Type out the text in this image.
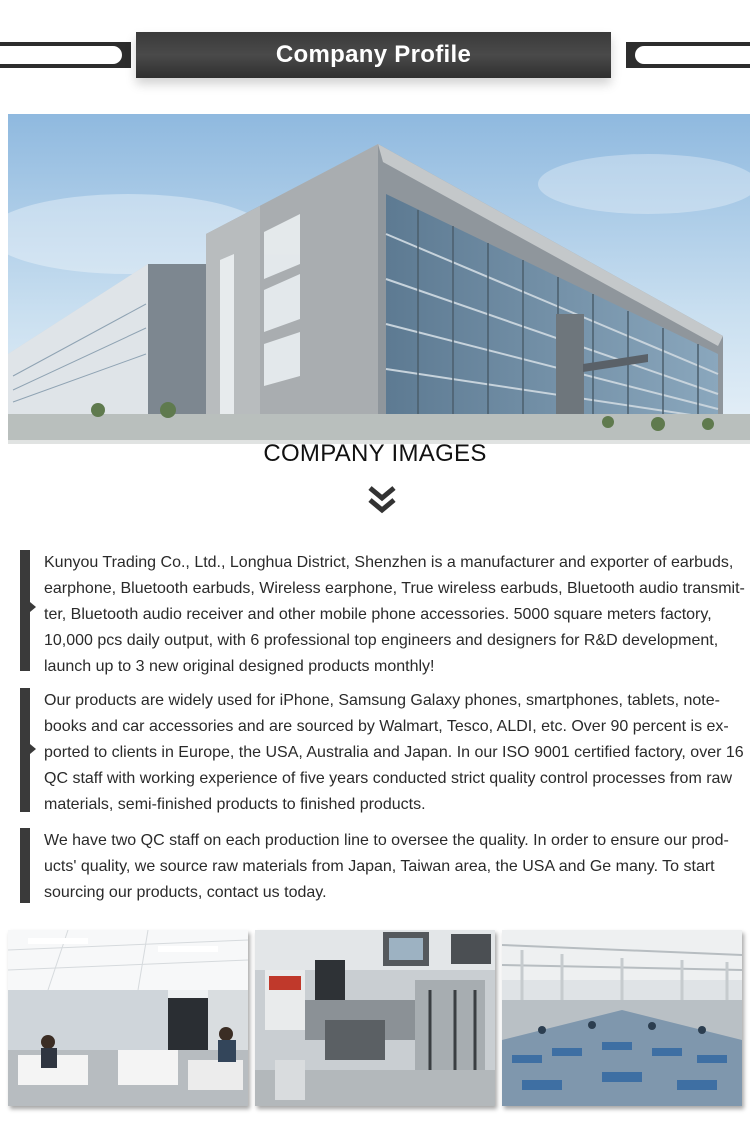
Company Profile
COMPANY IMAGES

Kunyou Trading Co., Ltd., Longhua District, Shenzhen is a manufacturer and exporter of earbuds, earphone, Bluetooth earbuds, Wireless earphone, True wireless earbuds, Bluetooth audio transmit-ter, Bluetooth audio receiver and other mobile phone accessories. 5000 square meters factory, 10,000 pcs daily output, with 6 professional top engineers and designers for R&D development, launch up to 3 new original designed products monthly!

Our products are widely used for iPhone, Samsung Galaxy phones, smartphones, tablets, note-books and car accessories and are sourced by Walmart, Tesco, ALDI, etc. Over 90 percent is ex-ported to clients in Europe, the USA, Australia and Japan. In our ISO 9001 certified factory, over 16 QC staff with working experience of five years conducted strict quality control processes from raw materials, semi-finished products to finished products.

We have two QC staff on each production line to oversee the quality. In order to ensure our prod-ucts' quality, we source raw materials from Japan, Taiwan area, the USA and Ge many. To start sourcing our products, contact us today.
